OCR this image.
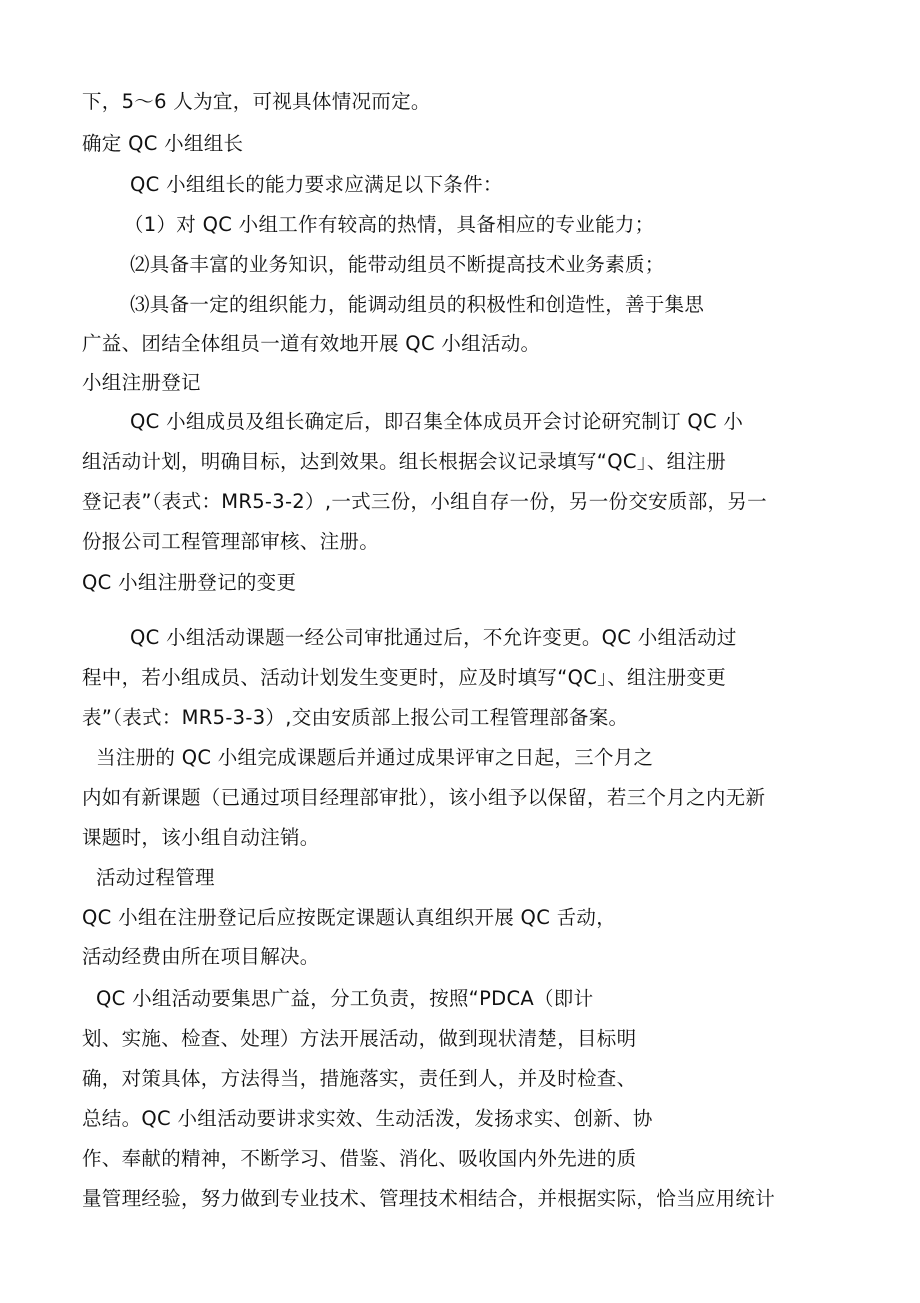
下，5～6 人为宜，可视具体情况而定。
确定 QC 小组组长
QC 小组组长的能力要求应满足以下条件：
（1）对 QC 小组工作有较高的热情，具备相应的专业能力；
⑵具备丰富的业务知识，能带动组员不断提高技术业务素质；
⑶具备一定的组织能力，能调动组员的积极性和创造性，善于集思
广益、团结全体组员一道有效地开展 QC 小组活动。
小组注册登记
QC 小组成员及组长确定后，即召集全体成员开会讨论研究制订 QC 小
组活动计划，明确目标，达到效果。组长根据会议记录填写“QC」、组注册
登记表”（表式：MR5-3-2）,一式三份，小组自存一份，另一份交安质部，另一
份报公司工程管理部审核、注册。
QC 小组注册登记的变更
QC 小组活动课题一经公司审批通过后，不允许变更。QC 小组活动过
程中，若小组成员、活动计划发生变更时，应及时填写“QC」、组注册变更
表”（表式：MR5-3-3）,交由安质部上报公司工程管理部备案。
当注册的 QC 小组完成课题后并通过成果评审之日起，三个月之
内如有新课题（已通过项目经理部审批），该小组予以保留，若三个月之内无新
课题时，该小组自动注销。
活动过程管理
QC 小组在注册登记后应按既定课题认真组织开展 QC 舌动，
活动经费由所在项目解决。
QC 小组活动要集思广益，分工负责，按照“PDCA（即计
划、实施、检查、处理）方法开展活动，做到现状清楚，目标明
确，对策具体，方法得当，措施落实，责任到人，并及时检查、
总结。QC 小组活动要讲求实效、生动活泼，发扬求实、创新、协
作、奉献的精神，不断学习、借鉴、消化、吸收国内外先进的质
量管理经验，努力做到专业技术、管理技术相结合，并根据实际，恰当应用统计
